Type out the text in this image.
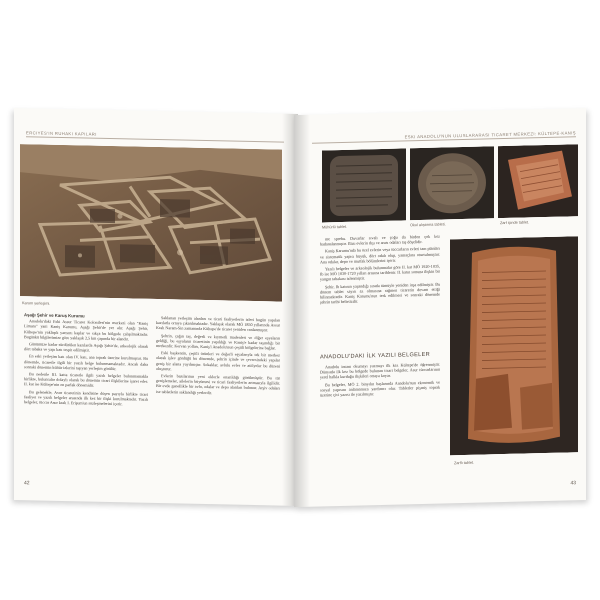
ERCIYES'IN RUHAKI KAPILARI
Karum yerleşimi.

Aşağı Şehir ve Karuş Kurumu

Anadolu'daki Eski Assur Ticaret Kolonileri'nin merkezi olan "Kaniş Limanı" yani Kaniş Karumu, Aşağı Şehir'de yer alır. Aşağı Şehir, Kültepe'nin yaklaşık yarısını kaplar ve sıkça bu bölgede çalışılmaktadır. Bugünkü bilgilerimize göre yaklaşık 2,5 km çapında bir alandır.

Günümüze kadar sürdürülen kazılarda Aşağı Şehir'de, arkeolojik olarak dört tabaka ve yapı katı tespit edilmiştir.

En eski yerleşim katı olan IV. katı, ana toprak üzerine kurulmuştur. Bu dönemde, ticaretle ilgili bir yazılı belge bulunmamaktadır. Ancak daha sonraki dönemin kültür izlerini taşıyan yerleşim görülür.

Bu nedenle III. katta ticaretle ilgili yazılı belgeler bulunmamakla birlikte, buluntular dolaylı olarak bu dönemin ticari ilişkilerine işaret eder. II. kat ise Kültepe'nin en parlak dönemidir.

Bu gelenekle, Asur ticaretinin kendisine düşen payıyla birlikte ticari faaliyet ve yazılı belgeler arasında ilk kez bir ilişki kurulmaktadır. Yazılı belgeler, tüccar Asur kralı I. Erişum'un sözleşmelerini içerir.

Saklanan yerleşim alanları ve ticari faaliyetlerin izleri bugün yapılan kazılarla ortaya çıkarılmaktadır. Yaklaşık olarak MÖ 1850 yıllarında Assur Kralı Naram-Sin zamanında Kültepe'de ticaret yeniden canlanmıştır.

Şehrin, çağın taş, değerli ve kıymetli madenleri ve diğer eşyaların geldiği, bu eşyaların ticaretinin yapıldığı ve Kaniş'e kadar taşındığı bir merkezdir. Kervan yolları, Kaniş'i Anadolu'nun çeşitli bölgelerine bağlar.

Eski başkentin, çeşitli ürünleri ve değerli eşyalarıyla tek bir merkez olarak işlev gördüğü bu dönemde, şehrin içinde ve çevresindeki yapılar geniş bir alana yayılmıştır. Sokaklar, avlulu evler ve atölyeler bu düzeni oluşturur.

Evlerin bazılarının yeni eklerle onarıldığı görülmüştür. Bu tür genişlemeler, ailelerin büyümesi ve ticari faaliyetlerin artmasıyla ilgilidir. Bir evde genellikle bir avlu, odalar ve depo alanları bulunur. Arşiv odaları ise tabletlerin saklandığı yerlerdir.

42
ESKI ANADOLU'NUN ULUSLARARASI TICARET MERKEZI: KÜLTEPE-KANIŞ
Mühürlü tablet.	Okul alıştırma tableti.	Zarf içinde tablet.

me sprebu. Duvarlar sıvalı ve çoğu da birden çok kez badanalanmıştır. Bazı evlerin dışı ve arası odaları taş döşelidir.

Kaniş Karumu'nda bu özel evlerin veya tüccarların evleri tam planları ve sistematik yapısı büyük, dört odalı olup, yamaçlara oturtulmuştur. Ana odalar, depo ve mutfak bölümlerini içerir.

Yazılı belgeler ve arkeolojik bulunmalar göre II. kat MÖ 1920-1835, Ib ise MÖ 1830-1720 yılları arasına tarihlenir. II. katın sonuna ilişkin bir yangın tabakası izlenmiştir.

Şehir, Ib katının yaşandığı sırada tümüyle yeniden inşa edilmiştir. Bu dönem tablet sayısı az olmasına rağmen ticaretin devam ettiği bilinmektedir. Kaniş Karumu'nun terk edilmesi ve sonraki dönemde şehrin tarihi belirsizdir.

ANADOLU'DAKI İLK YAZILI BELGELER

Anadolu insanı okumayı yazmayı ilk kez Kültepe'de öğrenmiştir. Dünyada ilk kez bu bölgede bulunan ticari belgeler, Asur tüccarlarının yerel halkla kurduğu ilişkileri ortaya koyar.

Bu belgeler, MÖ 2. binyılın başlarında Anadolu'nun ekonomik ve sosyal yapısını anlamamıza yardımcı olur. Tabletler pişmiş toprak üzerine çivi yazısı ile yazılmıştır.

Zarflı tablet.
43
